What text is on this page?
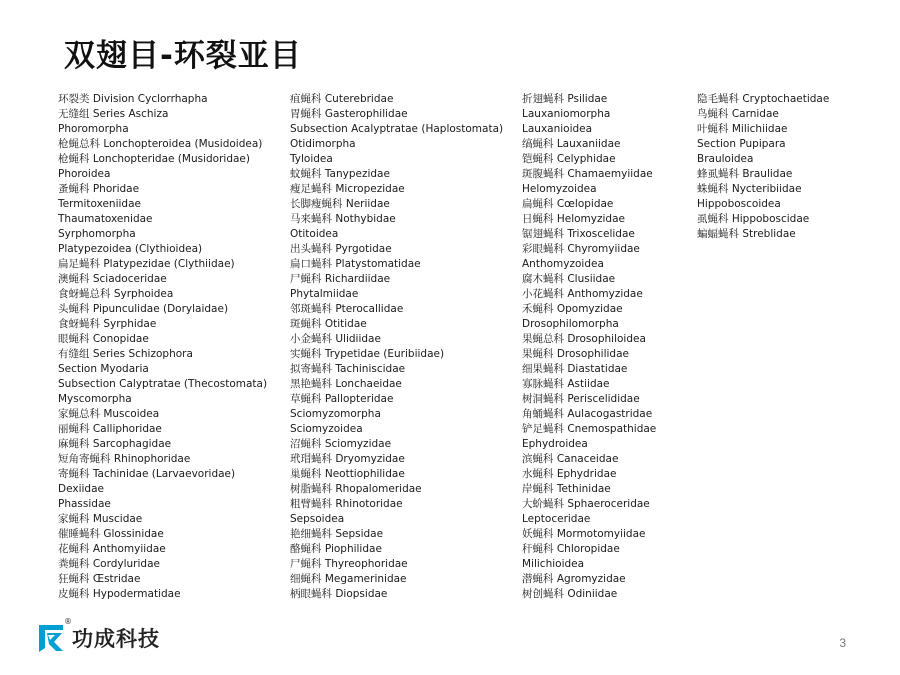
双翅目-环裂亚目
环裂类 Division Cyclorrhapha
无缝组 Series Aschiza
Phoromorpha
枪蝇总科 Lonchopteroidea (Musidoidea)
枪蝇科 Lonchopteridae (Musidoridae)
Phoroidea
蚤蝇科 Phoridae
Termitoxeniidae
Thaumatoxenidae
Syrphomorpha
Platypezoidea (Clythioidea)
扁足蝇科 Platypezidae (Clythiidae)
澳蝇科 Sciadoceridae
食蚜蝇总科 Syrphoidea
头蝇科 Pipunculidae (Dorylaidae)
食蚜蝇科 Syrphidae
眼蝇科 Conopidae
有缝组 Series Schizophora
Section Myodaria
Subsection Calyptratae (Thecostomata)
Myscomorpha
家蝇总科 Muscoidea
丽蝇科 Calliphoridae
麻蝇科 Sarcophagidae
短角寄蝇科 Rhinophoridae
寄蝇科 Tachinidae (Larvaevoridae)
Dexiidae
Phassidae
家蝇科 Muscidae
催睡蝇科 Glossinidae
花蝇科 Anthomyiidae
粪蝇科 Cordyluridae
狂蝇科 Œstridae
皮蝇科 Hypodermatidae
疽蝇科 Cuterebridae
胃蝇科 Gasterophilidae
Subsection Acalyptratae (Haplostomata)
Otidimorpha
Tyloidea
蚊蝇科 Tanypezidae
瘦足蝇科 Micropezidae
长脚瘦蝇科 Neriidae
马来蝇科 Nothybidae
Otitoidea
出头蝇科 Pyrgotidae
扁口蝇科 Platystomatidae
尸蝇科 Richardiidae
Phytalmiidae
邻斑蝇科 Pterocallidae
斑蝇科 Otitidae
小金蝇科 Ulidiidae
实蝇科 Trypetidae (Euribiidae)
拟寄蝇科 Tachiniscidae
黑艳蝇科 Lonchaeidae
草蝇科 Pallopteridae
Sciomyzomorpha
Sciomyzoidea
沼蝇科 Sciomyzidae
玳瑁蝇科 Dryomyzidae
巢蝇科 Neottiophilidae
树脂蝇科 Rhopalomeridae
粗臂蝇科 Rhinotoridae
Sepsoidea
艳细蝇科 Sepsidae
酪蝇科 Piophilidae
尸蝇科 Thyreophoridae
细蝇科 Megamerinidae
柄眼蝇科 Diopsidae
折翅蝇科 Psilidae
Lauxaniomorpha
Lauxanioidea
缟蝇科 Lauxaniidae
铠蝇科 Celyphidae
斑腹蝇科 Chamaemyiidae
Helomyzoidea
扁蝇科 Cœlopidae
日蝇科 Helomyzidae
锯翅蝇科 Trixoscelidae
彩眼蝇科 Chyromyiidae
Anthomyzoidea
腐木蝇科 Clusiidae
小花蝇科 Anthomyzidae
禾蝇科 Opomyzidae
Drosophilomorpha
果蝇总科 Drosophiloidea
果蝇科 Drosophilidae
细果蝇科 Diastatidae
寡脉蝇科 Astiidae
树洞蝇科 Periscelididae
角蛹蝇科 Aulacogastridae
铲足蝇科 Cnemospathidae
Ephydroidea
滨蝇科 Canaceidae
水蝇科 Ephydridae
岸蝇科 Tethinidae
大蚧蝇科 Sphaeroceridae
Leptoceridae
妖蝇科 Mormotomyiidae
秆蝇科 Chloropidae
Milichioidea
潜蝇科 Agromyzidae
树创蝇科 Odiniidae
隐毛蝇科 Cryptochaetidae
鸟蝇科 Carnidae
叶蝇科 Milichiidae
Section Pupipara
Brauloidea
蜂虱蝇科 Braulidae
蛛蝇科 Nycteribiidae
Hippoboscoidea
虱蝇科 Hippoboscidae
蝙蝠蝇科 Streblidae
®
功成科技	3
